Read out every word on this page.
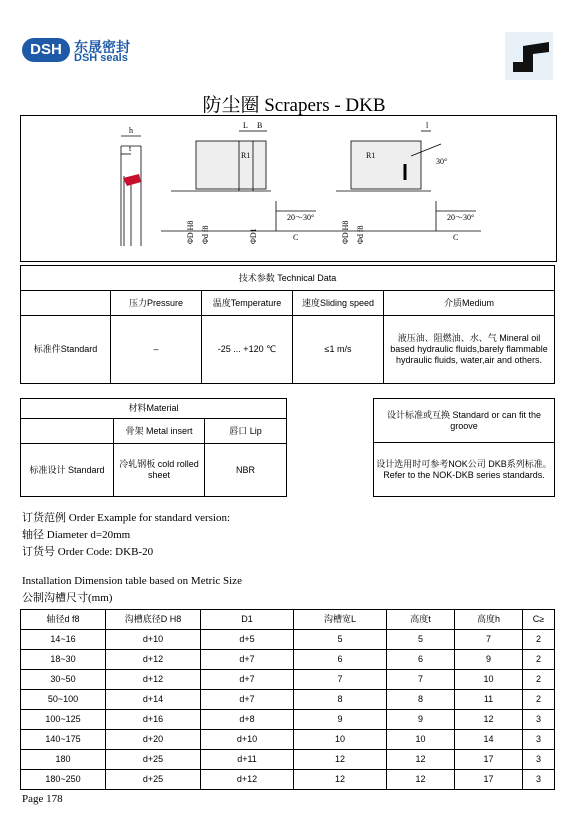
DSH 东晟密封
DSH seals
防尘圈 Scrapers - DKB
h
t
L B
R1
l
R1
30°
20～30°
C
20～30°
C
ΦD H8 Φd f8	ΦD1	ΦD H8 Φd f8
技术参数 Technical Data				
	压力Pressure	温度Temperature	速度Sliding speed	介质Medium
标准件Standard	–	-25 ... +120 ℃	≤1 m/s	液压油、阻燃油、水、气 Mineral oil based hydraulic fluids,barely flammable hydraulic fluids, water,air and others.
材料Material		
	骨架 Metal insert	唇口 Lip
标准设计 Standard	冷轧钢板 cold rolled sheet	NBR
设计标准或互换 Standard or can fit the groove
设计选用时可参考NOK公司 DKB系列标准。 Refer to the NOK-DKB series standards.
订货范例 Order Example for standard version:
轴径 Diameter d=20mm
订货号 Order Code: DKB-20
Installation Dimension table based on Metric Size
公制沟槽尺寸(mm)
轴径d f8	沟槽底径D H8	D1	沟槽宽L	高度t	高度h	C≥
14~16	d+10	d+5	5	5	7	2
18~30	d+12	d+7	6	6	9	2
30~50	d+12	d+7	7	7	10	2
50~100	d+14	d+7	8	8	11	2
100~125	d+16	d+8	9	9	12	3
140~175	d+20	d+10	10	10	14	3
180	d+25	d+11	12	12	17	3
180~250	d+25	d+12	12	12	17	3
Page 178
